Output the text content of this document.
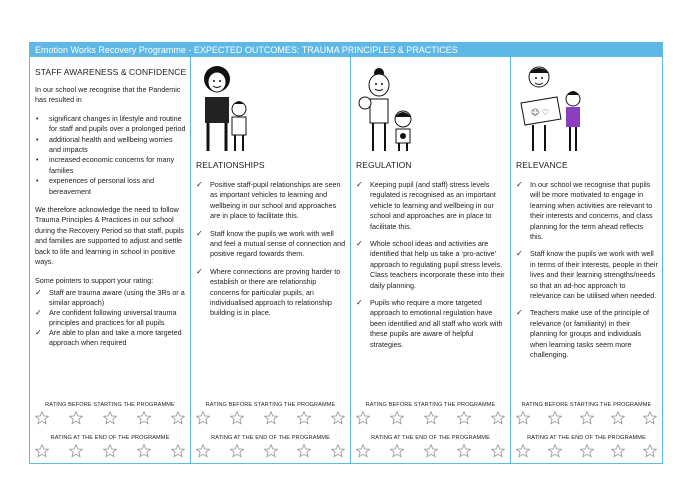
Emotion Works Recovery Programme - EXPECTED OUTCOMES: TRAUMA PRINCIPLES & PRACTICES
STAFF AWARENESS & CONFIDENCE

In our school we recognise that the Pandemic has resulted in

• significant changes in lifestyle and routine for staff and pupils over a prolonged period
• additional health and wellbeing worries and impacts
• increased economic concerns for many families
• experiences of personal loss and bereavement

We therefore acknowledge the need to follow Trauma Principles & Practices in our school during the Recovery Period so that staff, pupils and families are supported to adjust and settle back to life and learning in school in positive ways.

Some pointers to support your rating:

✓ Staff are trauma aware (using the 3Rs or a similar approach)
✓ Are confident following universal trauma principles and practices for all pupils
✓ Are able to plan and take a more targeted approach when required
RATING BEFORE STARTING THE PROGRAMME
RATING AT THE END OF THE PROGRAMME
RELATIONSHIPS
✓ Positive staff-pupil relationships are seen as important vehicles to learning and wellbeing in our school and approaches are in place to facilitate this.
✓ Staff know the pupils we work with well and feel a mutual sense of connection and positive regard towards them.
✓ Where connections are proving harder to establish or there are relationship concerns for particular pupils, an individualised approach to relationship building is in place.
RATING BEFORE STARTING THE PROGRAMME
RATING AT THE END OF THE PROGRAMME
REGULATION
✓ Keeping pupil (and staff) stress levels regulated is recognised as an important vehicle to learning and wellbeing in our school and approaches are in place to facilitate this.
✓ Whole school ideas and activities are identified that help us take a ‘pro-active’ approach to regulating pupil stress levels. Class teachers incorporate these into their daily planning.
✓ Pupils who require a more targeted approach to emotional regulation have been identified and all staff who work with these pupils are aware of helpful strategies.
RATING BEFORE STARTING THE PROGRAMME
RATING AT THE END OF THE PROGRAMME
☺ ♡
RELEVANCE
✓ In our school we recognise that pupils will be more motivated to engage in learning when activities are relevant to their interests and concerns, and class planning for the term ahead reflects this.
✓ Staff know the pupils we work with well in terms of their interests, people in their lives and their learning strengths/needs so that an ad-hoc approach to relevance can be utilised when needed.
✓ Teachers make use of the principle of relevance (or familiarity) in their planning for groups and individuals when learning tasks seem more challenging.
RATING BEFORE STARTING THE PROGRAMME
RATING AT THE END OF THE PROGRAMME
